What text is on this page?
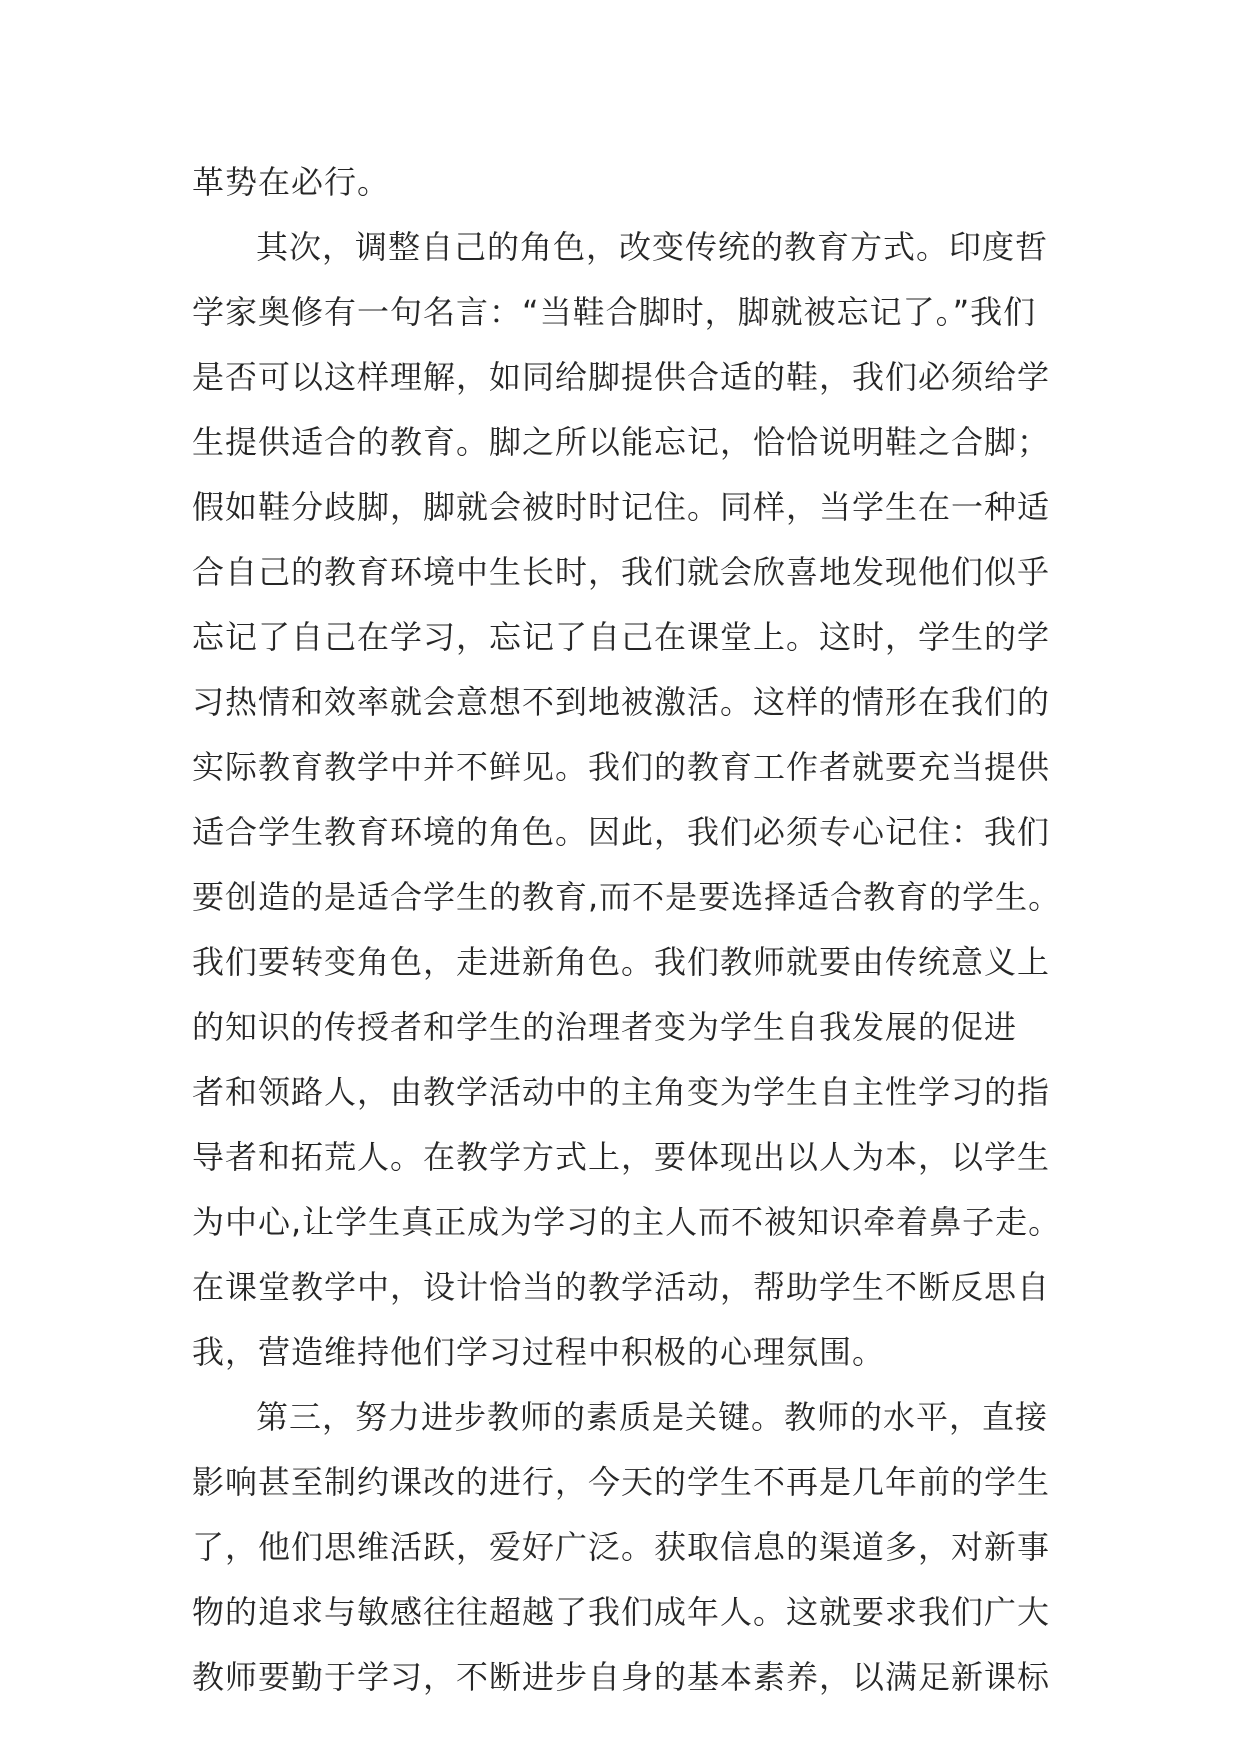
革势在必行。
其次，调整自己的角色，改变传统的教育方式。印度哲
学家奥修有一句名言：“当鞋合脚时，脚就被忘记了。”我们
是否可以这样理解，如同给脚提供合适的鞋，我们必须给学
生提供适合的教育。脚之所以能忘记，恰恰说明鞋之合脚；
假如鞋分歧脚，脚就会被时时记住。同样，当学生在一种适
合自己的教育环境中生长时，我们就会欣喜地发现他们似乎
忘记了自己在学习，忘记了自己在课堂上。这时，学生的学
习热情和效率就会意想不到地被激活。这样的情形在我们的
实际教育教学中并不鲜见。我们的教育工作者就要充当提供
适合学生教育环境的角色。因此，我们必须专心记住：我们
要创造的是适合学生的教育,而不是要选择适合教育的学生。
我们要转变角色，走进新角色。我们教师就要由传统意义上
的知识的传授者和学生的治理者变为学生自我发展的促进
者和领路人，由教学活动中的主角变为学生自主性学习的指
导者和拓荒人。在教学方式上，要体现出以人为本，以学生
为中心,让学生真正成为学习的主人而不被知识牵着鼻子走。
在课堂教学中，设计恰当的教学活动，帮助学生不断反思自
我，营造维持他们学习过程中积极的心理氛围。
第三，努力进步教师的素质是关键。教师的水平，直接
影响甚至制约课改的进行，今天的学生不再是几年前的学生
了，他们思维活跃，爱好广泛。获取信息的渠道多，对新事
物的追求与敏感往往超越了我们成年人。这就要求我们广大
教师要勤于学习，不断进步自身的基本素养，以满足新课标
